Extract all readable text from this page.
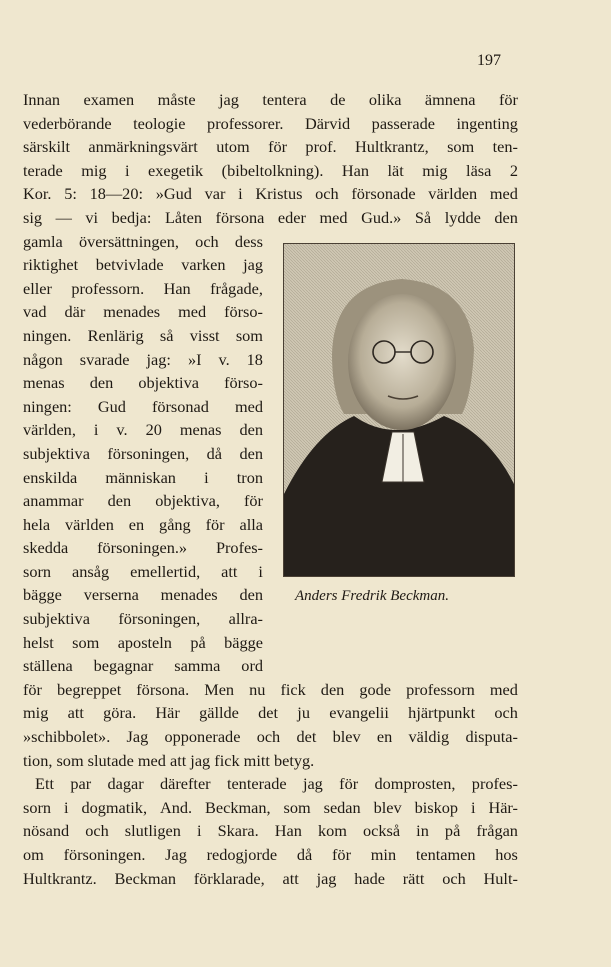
197
Innan examen måste jag tentera de olika ämnena för
vederbörande teologie professorer. Därvid passerade ingenting
särskilt anmärkningsvärt utom för prof. Hultkrantz, som ten-
terade mig i exegetik (bibeltolkning). Han lät mig läsa 2
Kor. 5: 18—20: »Gud var i Kristus och försonade världen med
sig — vi bedja: Låten försona eder med Gud.» Så lydde den
gamla översättningen, och dess
riktighet betvivlade varken jag
eller professorn. Han frågade,
vad där menades med förso-
ningen. Renlärig så visst som
någon svarade jag: »I v. 18
menas den objektiva förso-
ningen: Gud försonad med
världen, i v. 20 menas den
subjektiva försoningen, då den
enskilda människan i tron
anammar den objektiva, för
hela världen en gång för alla
skedda försoningen.» Profes-
sorn ansåg emellertid, att i
bägge verserna menades den
subjektiva försoningen, allra-
helst som aposteln på bägge
ställena begagnar samma ord
för begreppet försona. Men nu fick den gode professorn med
mig att göra. Här gällde det ju evangelii hjärtpunkt och
»schibbolet». Jag opponerade och det blev en väldig disputa-
tion, som slutade med att jag fick mitt betyg.
Ett par dagar därefter tenterade jag för domprosten, profes-
sorn i dogmatik, And. Beckman, som sedan blev biskop i Här-
nösand och slutligen i Skara. Han kom också in på frågan
om försoningen. Jag redogjorde då för min tentamen hos
Hultkrantz. Beckman förklarade, att jag hade rätt och Hult-
Anders Fredrik Beckman.
